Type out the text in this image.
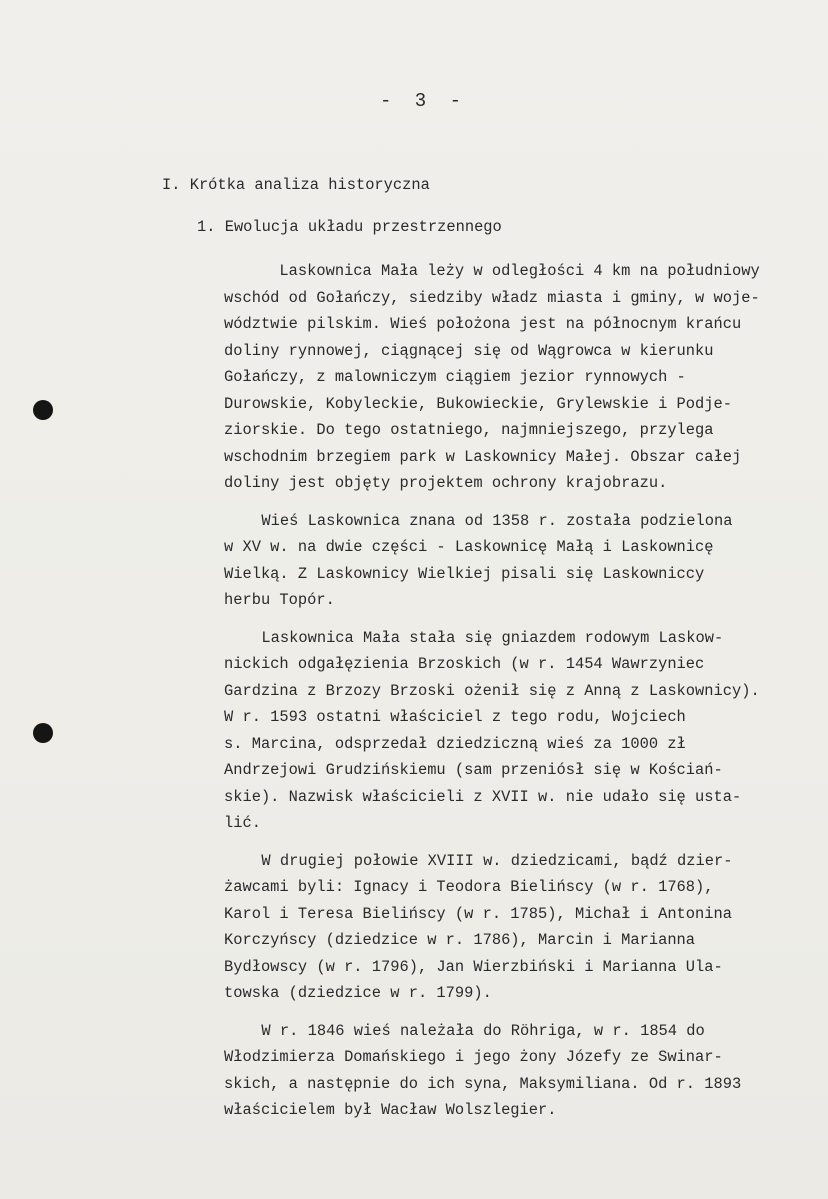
- 3 -
I. Krótka analiza historyczna
1. Ewolucja układu przestrzennego
Laskownica Mała leży w odległości 4 km na południowy
wschód od Gołańczy, siedziby władz miasta i gminy, w woje-
wództwie pilskim. Wieś położona jest na północnym krańcu
doliny rynnowej, ciągnącej się od Wągrowca w kierunku
Gołańczy, z malowniczym ciągiem jezior rynnowych -
Durowskie, Kobyleckie, Bukowieckie, Grylewskie i Podje-
ziorskie. Do tego ostatniego, najmniejszego, przylega
wschodnim brzegiem park w Laskownicy Małej. Obszar całej
doliny jest objęty projektem ochrony krajobrazu.
Wieś Laskownica znana od 1358 r. została podzielona
w XV w. na dwie części - Laskownicę Małą i Laskownicę
Wielką. Z Laskownicy Wielkiej pisali się Laskowniccy
herbu Topór.
Laskownica Mała stała się gniazdem rodowym Laskow-
nickich odgałęzienia Brzoskich (w r. 1454 Wawrzyniec
Gardzina z Brzozy Brzoski ożenił się z Anną z Laskownicy).
W r. 1593 ostatni właściciel z tego rodu, Wojciech
s. Marcina, odsprzedał dziedziczną wieś za 1000 zł
Andrzejowi Grudzińskiemu (sam przeniósł się w Kościań-
skie). Nazwisk właścicieli z XVII w. nie udało się usta-
lić.
W drugiej połowie XVIII w. dziedzicami, bądź dzier-
żawcami byli: Ignacy i Teodora Bielińscy (w r. 1768),
Karol i Teresa Bielińscy (w r. 1785), Michał i Antonina
Korczyńscy (dziedzice w r. 1786), Marcin i Marianna
Bydłowscy (w r. 1796), Jan Wierzbiński i Marianna Ula-
towska (dziedzice w r. 1799).
W r. 1846 wieś należała do Röhriga, w r. 1854 do
Włodzimierza Domańskiego i jego żony Józefy ze Swinar-
skich, a następnie do ich syna, Maksymiliana. Od r. 1893
właścicielem był Wacław Wolszlegier.
